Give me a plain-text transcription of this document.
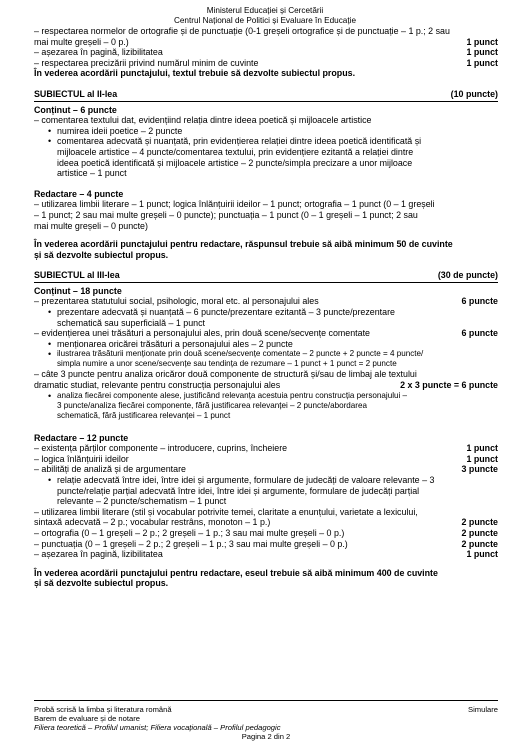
Ministerul Educației și Cercetării
Centrul Național de Politici și Evaluare în Educație
– respectarea normelor de ortografie și de punctuație (0-1 greșeli ortografice și de punctuație – 1 p.; 2 sau
mai multe greșeli – 0 p.)	1 punct
– așezarea în pagină, lizibilitatea	1 punct
– respectarea precizării privind numărul minim de cuvinte	1 punct
În vederea acordării punctajului, textul trebuie să dezvolte subiectul propus.
SUBIECTUL al II-lea	(10 puncte)
Conținut – 6 puncte
– comentarea textului dat, evidențiind relația dintre ideea poetică și mijloacele artistice
• numirea ideii poetice – 2 puncte
• comentarea adecvată și nuanțată, prin evidențierea relației dintre ideea poetică identificată și
mijloacele artistice – 4 puncte/comentarea textului, prin evidențiere ezitantă a relației dintre
ideea poetică identificată și mijloacele artistice – 2 puncte/simpla precizare a unor mijloace
artistice – 1 punct
Redactare – 4 puncte
– utilizarea limbii literare – 1 punct; logica înlănțuirii ideilor – 1 punct; ortografia – 1 punct (0 – 1 greșeli
– 1 punct; 2 sau mai multe greșeli – 0 puncte); punctuația – 1 punct (0 – 1 greșeli – 1 punct; 2 sau
mai multe greșeli – 0 puncte)
În vederea acordării punctajului pentru redactare, răspunsul trebuie să aibă minimum 50 de cuvinte
și să dezvolte subiectul propus.
SUBIECTUL al III-lea	(30 de puncte)
Conținut – 18 puncte
– prezentarea statutului social, psihologic, moral etc. al personajului ales	6 puncte
• prezentare adecvată și nuanțată – 6 puncte/prezentare ezitantă – 3 puncte/prezentare
schematică sau superficială – 1 punct
– evidențierea unei trăsături a personajului ales, prin două scene/secvențe comentate	6 puncte
• menționarea oricărei trăsături a personajului ales – 2 puncte
• ilustrarea trăsăturii menționate prin două scene/secvențe comentate – 2 puncte + 2 puncte = 4 puncte/
simpla numire a unor scene/secvențe sau tendința de rezumare – 1 punct + 1 punct = 2 puncte
– câte 3 puncte pentru analiza oricăror două componente de structură și/sau de limbaj ale textului
dramatic studiat, relevante pentru construcția personajului ales	2 x 3 puncte = 6 puncte
• analiza fiecărei componente alese, justificând relevanța acestuia pentru construcția personajului –
3 puncte/analiza fiecărei componente, fără justificarea relevanței – 2 puncte/abordarea
schematică, fără justificarea relevanței – 1 punct
Redactare – 12 puncte
– existența părților componente – introducere, cuprins, încheiere	1 punct
– logica înlănțuirii ideilor	1 punct
– abilități de analiză și de argumentare	3 puncte
• relație adecvată între idei, între idei și argumente, formulare de judecăți de valoare relevante – 3
puncte/relație parțial adecvată între idei, între idei și argumente, formulare de judecăți parțial
relevante – 2 puncte/schematism – 1 punct
– utilizarea limbii literare (stil și vocabular potrivite temei, claritate a enunțului, varietate a lexicului,
sintaxă adecvată – 2 p.; vocabular restrâns, monoton – 1 p.)	2 puncte
– ortografia (0 – 1 greșeli – 2 p.; 2 greșeli – 1 p.; 3 sau mai multe greșeli – 0 p.)	2 puncte
– punctuația (0 – 1 greșeli – 2 p.; 2 greșeli – 1 p.; 3 sau mai multe greșeli – 0 p.)	2 puncte
– așezarea în pagină, lizibilitatea	1 punct
În vederea acordării punctajului pentru redactare, eseul trebuie să aibă minimum 400 de cuvinte
și să dezvolte subiectul propus.
Probă scrisă la limba și literatura română	Simulare
Barem de evaluare și de notare
Filiera teoretică – Profilul umanist; Filiera vocațională – Profilul pedagogic
Pagina 2 din 2
